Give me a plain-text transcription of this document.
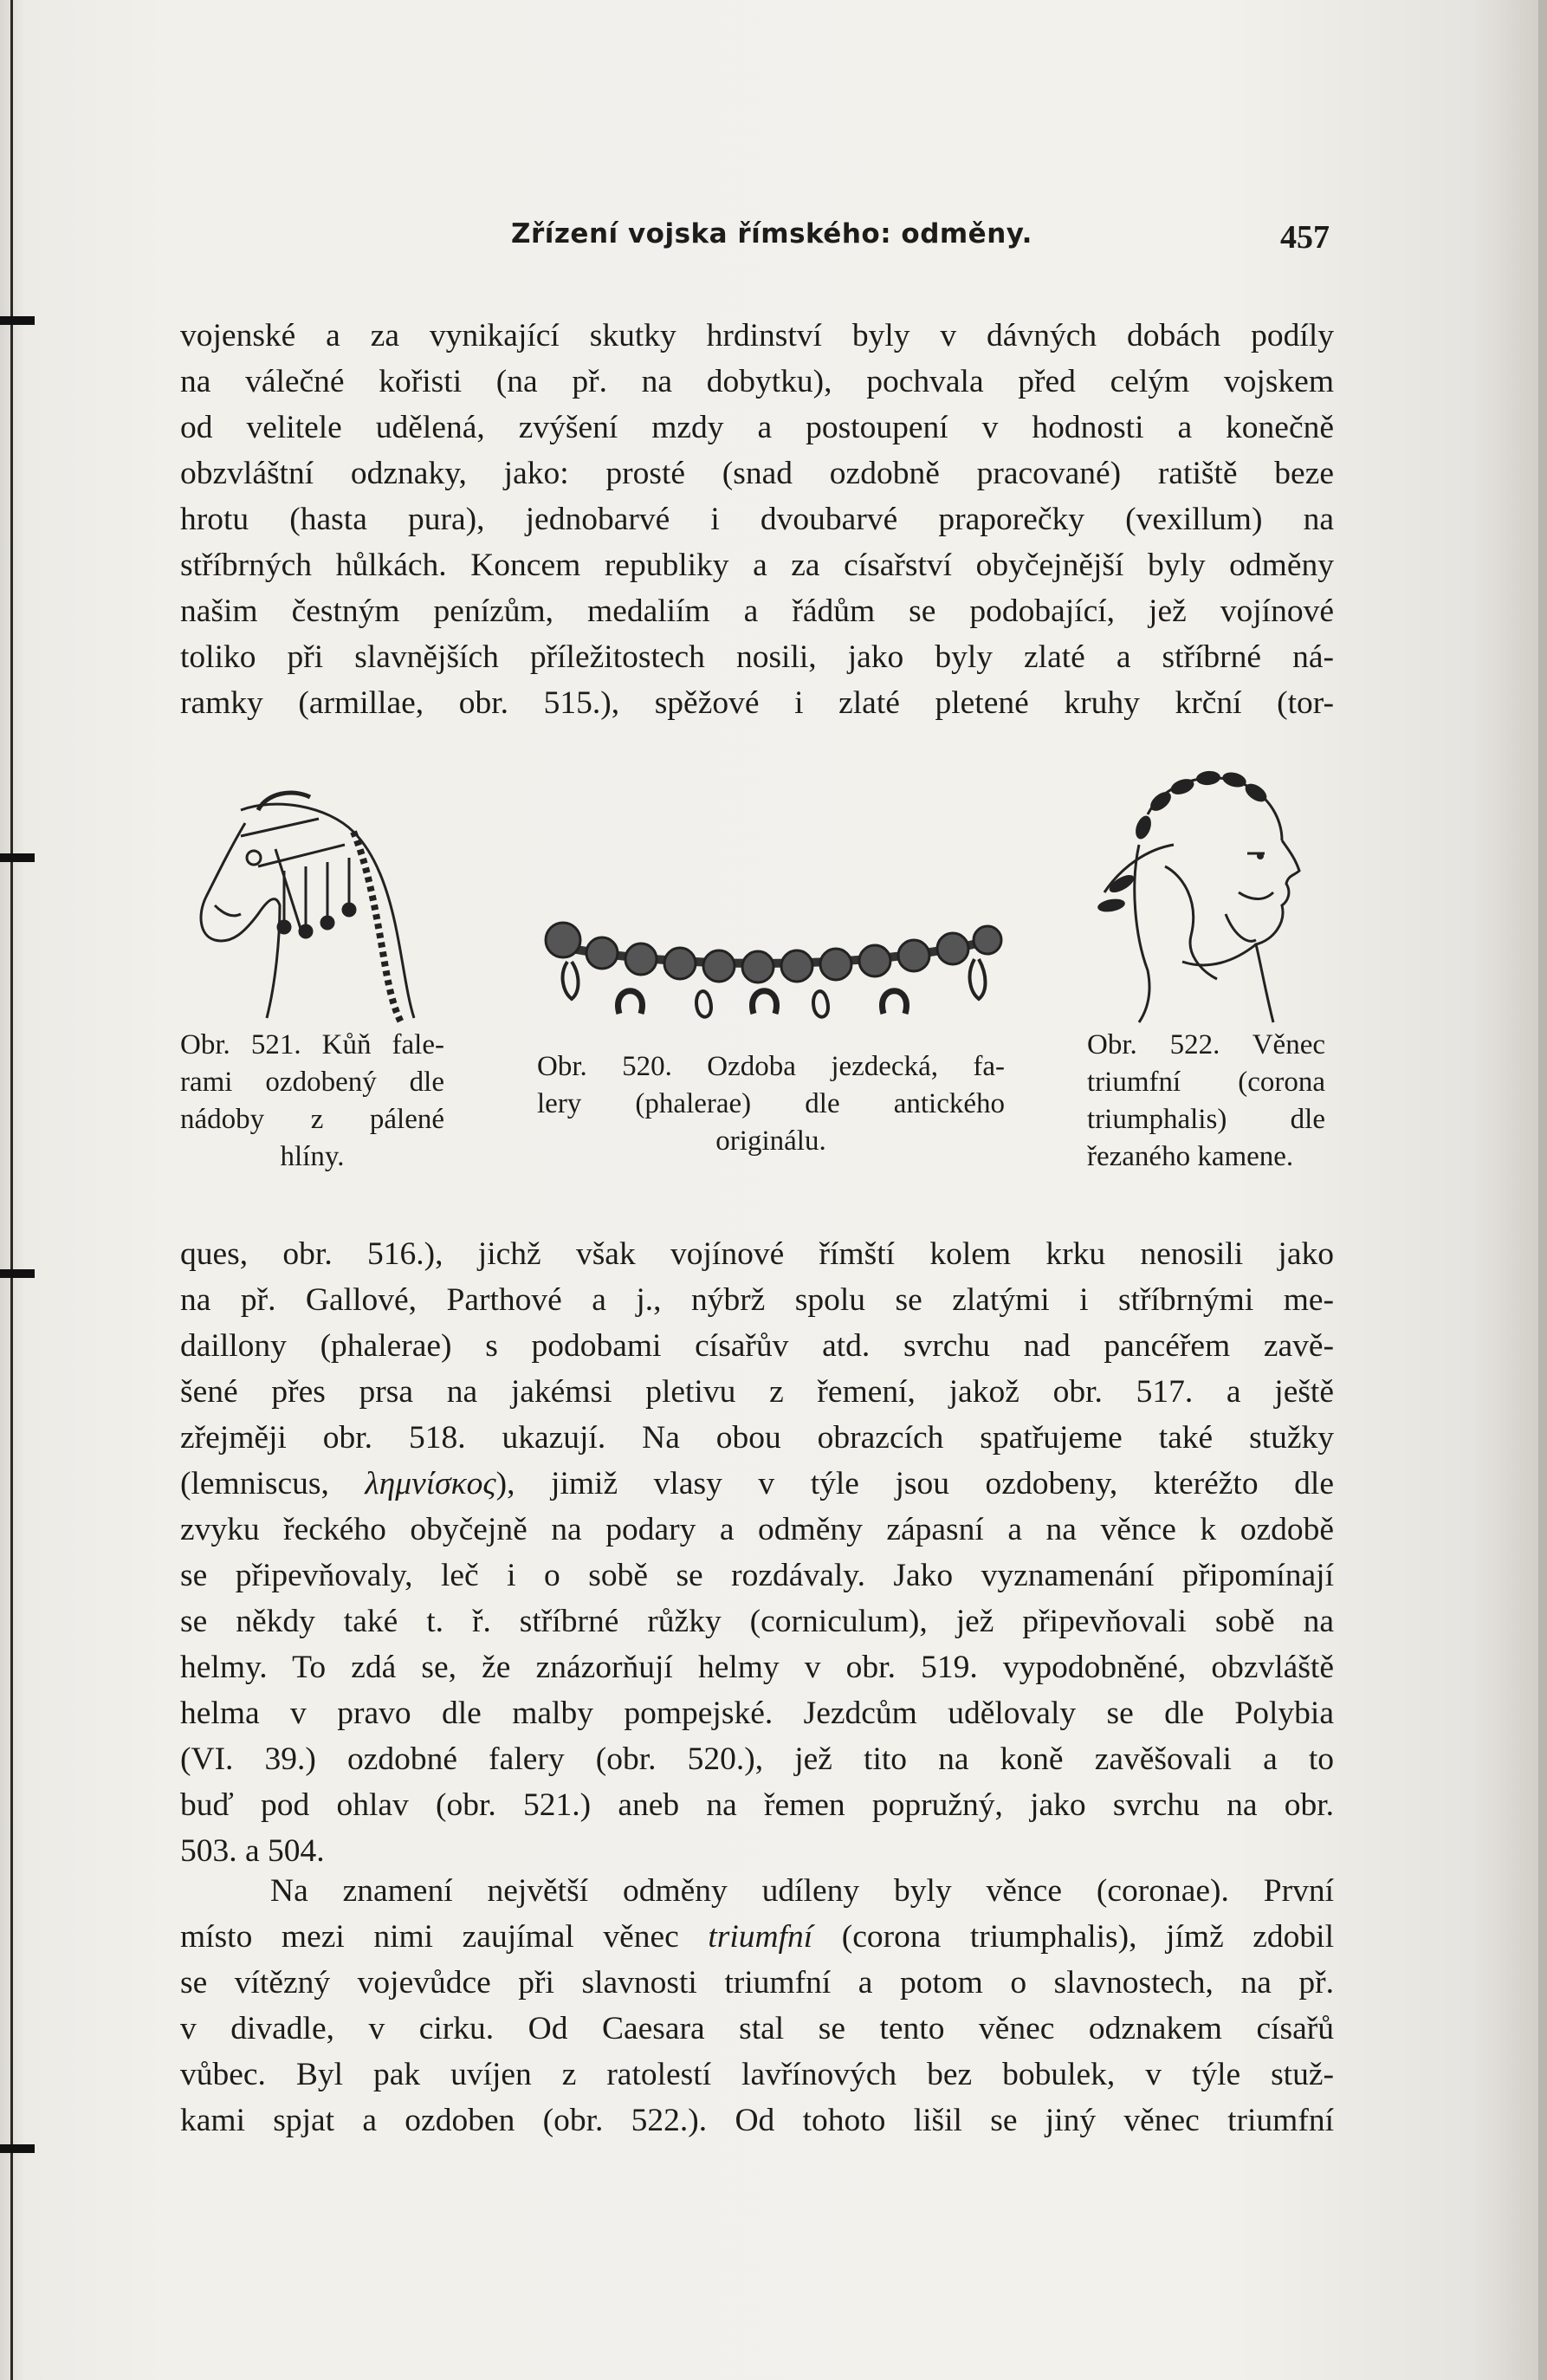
Zřízení vojska římského: odměny.	457
vojenské a za vynikající skutky hrdinství byly v dávných dobách podíly
na válečné kořisti (na př. na dobytku), pochvala před celým vojskem
od velitele udělená, zvýšení mzdy a postoupení v hodnosti a konečně
obzvláštní odznaky, jako: prosté (snad ozdobně pracované) ratiště beze
hrotu (hasta pura), jednobarvé i dvoubarvé praporečky (vexillum) na
stříbrných hůlkách. Koncem republiky a za císařství obyčejnější byly odměny
našim čestným penízům, medaliím a řádům se podobající, jež vojínové
toliko při slavnějších příležitostech nosili, jako byly zlaté a stříbrné ná-
ramky (armillae, obr. 515.), spěžové i zlaté pletené kruhy krční (tor-
Obr. 521. Kůň fale-
rami ozdobený dle
nádoby z pálené
hlíny.
Obr. 520. Ozdoba jezdecká, fa-
lery (phalerae) dle antického
originálu.
Obr. 522. Věnec
triumfní (corona
triumphalis) dle
řezaného kamene.
ques, obr. 516.), jichž však vojínové římští kolem krku nenosili jako
na př. Gallové, Parthové a j., nýbrž spolu se zlatými i stříbrnými me-
daillony (phalerae) s podobami císařův atd. svrchu nad pancéřem zavě-
šené přes prsa na jakémsi pletivu z řemení, jakož obr. 517. a ještě
zřejměji obr. 518. ukazují. Na obou obrazcích spatřujeme také stužky
(lemniscus, λημνίσκος), jimiž vlasy v týle jsou ozdobeny, kteréžto dle
zvyku řeckého obyčejně na podary a odměny zápasní a na věnce k ozdobě
se připevňovaly, leč i o sobě se rozdávaly. Jako vyznamenání připomínají
se někdy také t. ř. stříbrné růžky (corniculum), jež připevňovali sobě na
helmy. To zdá se, že znázorňují helmy v obr. 519. vypodobněné, obzvláště
helma v pravo dle malby pompejské. Jezdcům udělovaly se dle Polybia
(VI. 39.) ozdobné falery (obr. 520.), jež tito na koně zavěšovali a to
buď pod ohlav (obr. 521.) aneb na řemen popružný, jako svrchu na obr.
503. a 504.
Na znamení největší odměny udíleny byly věnce (coronae). První
místo mezi nimi zaujímal věnec triumfní (corona triumphalis), jímž zdobil
se vítězný vojevůdce při slavnosti triumfní a potom o slavnostech, na př.
v divadle, v cirku. Od Caesara stal se tento věnec odznakem císařů
vůbec. Byl pak uvíjen z ratolestí lavřínových bez bobulek, v týle stuž-
kami spjat a ozdoben (obr. 522.). Od tohoto lišil se jiný věnec triumfní
